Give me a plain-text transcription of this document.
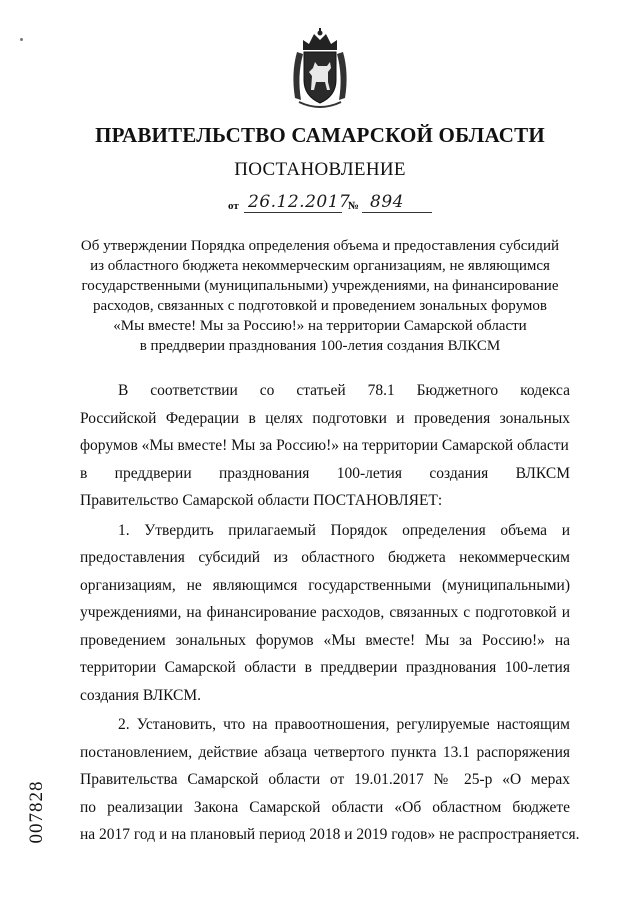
ПРАВИТЕЛЬСТВО САМАРСКОЙ ОБЛАСТИ
ПОСТАНОВЛЕНИЕ
от 26.12.2017
№ 894
Об утверждении Порядка определения объема и предоставления субсидий
из областного бюджета некоммерческим организациям, не являющимся
государственными (муниципальными) учреждениями, на финансирование
расходов, связанных с подготовкой и проведением зональных форумов
«Мы вместе! Мы за Россию!» на территории Самарской области
в преддверии празднования 100-летия создания ВЛКСМ
В соответствии со статьей 78.1 Бюджетного кодекса
Российской Федерации в целях подготовки и проведения зональных
форумов «Мы вместе! Мы за Россию!» на территории Самарской области
в преддверии празднования 100-летия создания ВЛКСМ
Правительство Самарской области ПОСТАНОВЛЯЕТ:
1. Утвердить прилагаемый Порядок определения объема и
предоставления субсидий из областного бюджета некоммерческим
организациям, не являющимся государственными (муниципальными)
учреждениями, на финансирование расходов, связанных с подготовкой и
проведением зональных форумов «Мы вместе! Мы за Россию!» на
территории Самарской области в преддверии празднования 100-летия
создания ВЛКСМ.
2. Установить, что на правоотношения, регулируемые настоящим
постановлением, действие абзаца четвертого пункта 13.1 распоряжения
Правительства Самарской области от 19.01.2017 № 25-р «О мерах
по реализации Закона Самарской области «Об областном бюджете
на 2017 год и на плановый период 2018 и 2019 годов» не распространяется.
007828
